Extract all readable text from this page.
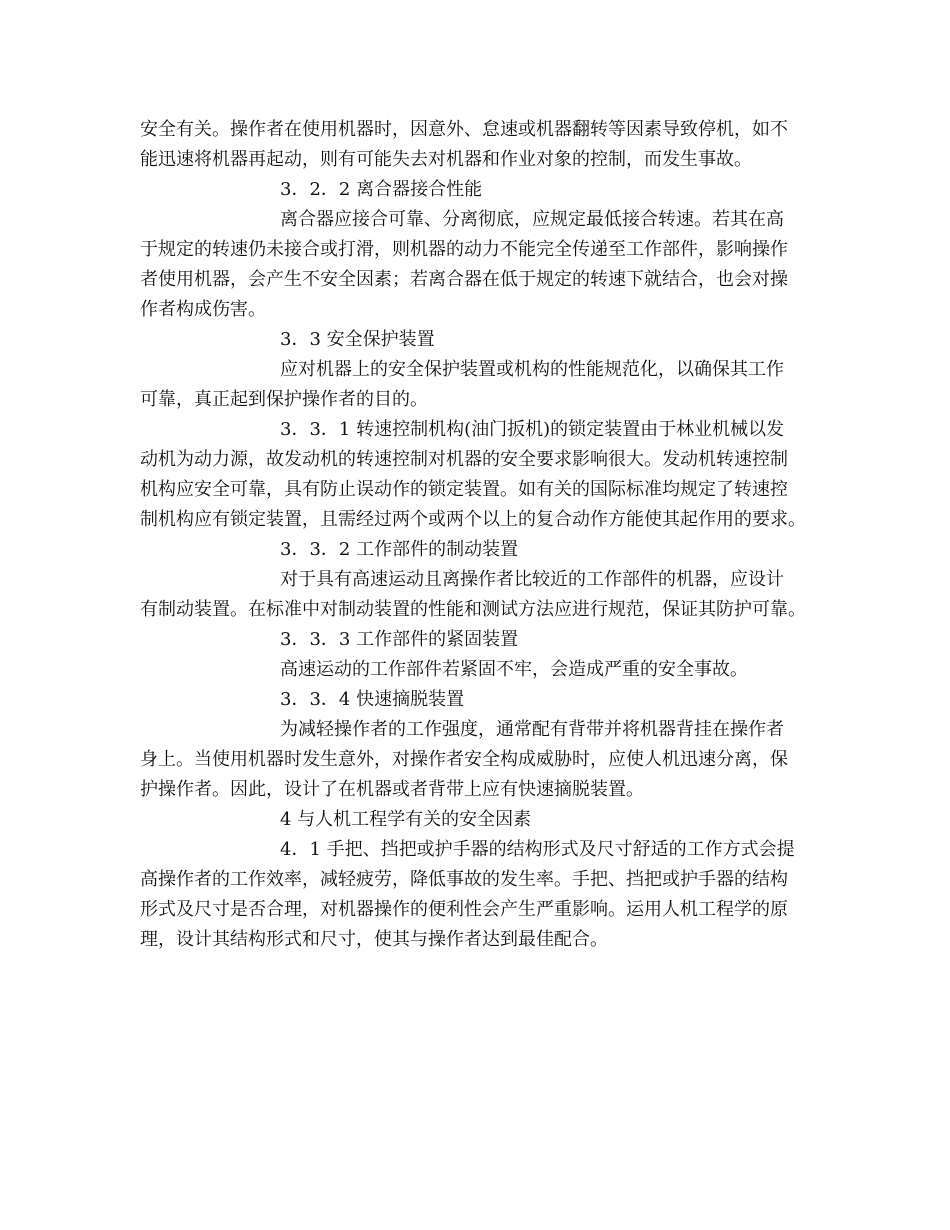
安全有关。操作者在使用机器时，因意外、怠速或机器翻转等因素导致停机，如不
能迅速将机器再起动，则有可能失去对机器和作业对象的控制，而发生事故。
3．2．2 离合器接合性能
离合器应接合可靠、分离彻底，应规定最低接合转速。若其在高
于规定的转速仍未接合或打滑，则机器的动力不能完全传递至工作部件，影响操作
者使用机器，会产生不安全因素；若离合器在低于规定的转速下就结合，也会对操
作者构成伤害。
3．3 安全保护装置
应对机器上的安全保护装置或机构的性能规范化，以确保其工作
可靠，真正起到保护操作者的目的。
3．3．1 转速控制机构(油门扳机)的锁定装置由于林业机械以发
动机为动力源，故发动机的转速控制对机器的安全要求影响很大。发动机转速控制
机构应安全可靠，具有防止误动作的锁定装置。如有关的国际标准均规定了转速控
制机构应有锁定装置，且需经过两个或两个以上的复合动作方能使其起作用的要求。
3．3．2 工作部件的制动装置
对于具有高速运动且离操作者比较近的工作部件的机器，应设计
有制动装置。在标准中对制动装置的性能和测试方法应进行规范，保证其防护可靠。
3．3．3 工作部件的紧固装置
高速运动的工作部件若紧固不牢，会造成严重的安全事故。
3．3．4 快速摘脱装置
为减轻操作者的工作强度，通常配有背带并将机器背挂在操作者
身上。当使用机器时发生意外，对操作者安全构成威胁时，应使人机迅速分离，保
护操作者。因此，设计了在机器或者背带上应有快速摘脱装置。
4 与人机工程学有关的安全因素
4．1 手把、挡把或护手器的结构形式及尺寸舒适的工作方式会提
高操作者的工作效率，减轻疲劳，降低事故的发生率。手把、挡把或护手器的结构
形式及尺寸是否合理，对机器操作的便利性会产生严重影响。运用人机工程学的原
理，设计其结构形式和尺寸，使其与操作者达到最佳配合。
